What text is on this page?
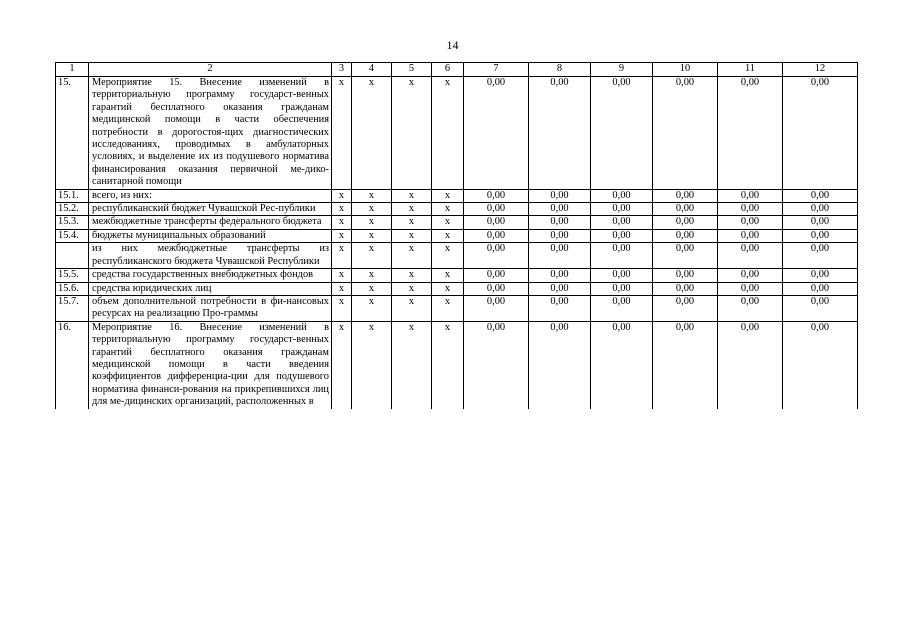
14
1	2	3	4	5	6	7	8	9	10	11	12
15.	Мероприятие 15. Внесение изменений в территориальную программу государст-венных гарантий бесплатного оказания гражданам медицинской помощи в части обеспечения потребности в дорогостоя-щих диагностических исследованиях, проводимых в амбулаторных условиях, и выделение их из подушевого норматива финансирования оказания первичной ме-дико-санитарной помощи	х	х	х	х	0,00	0,00	0,00	0,00	0,00	0,00
15.1.	всего, из них:	х	х	х	х	0,00	0,00	0,00	0,00	0,00	0,00
15.2.	республиканский бюджет Чувашской Рес-публики	х	х	х	х	0,00	0,00	0,00	0,00	0,00	0,00
15.3.	межбюджетные трансферты федерального бюджета	х	х	х	х	0,00	0,00	0,00	0,00	0,00	0,00
15.4.	бюджеты муниципальных образований	х	х	х	х	0,00	0,00	0,00	0,00	0,00	0,00
	из них межбюджетные трансферты из республиканского бюджета Чувашской Республики	х	х	х	х	0,00	0,00	0,00	0,00	0,00	0,00
15.5.	средства государственных внебюджетных фондов	х	х	х	х	0,00	0,00	0,00	0,00	0,00	0,00
15.6.	средства юридических лиц	х	х	х	х	0,00	0,00	0,00	0,00	0,00	0,00
15.7.	объем дополнительной потребности в фи-нансовых ресурсах на реализацию Про-граммы	х	х	х	х	0,00	0,00	0,00	0,00	0,00	0,00
16.	Мероприятие 16. Внесение изменений в территориальную программу государст-венных гарантий бесплатного оказания гражданам медицинской помощи в части введения коэффициентов дифференциа-ции для подушевого норматива финанси-рования на прикрепившихся лиц для ме-дицинских организаций, расположенных в	х	х	х	х	0,00	0,00	0,00	0,00	0,00	0,00
